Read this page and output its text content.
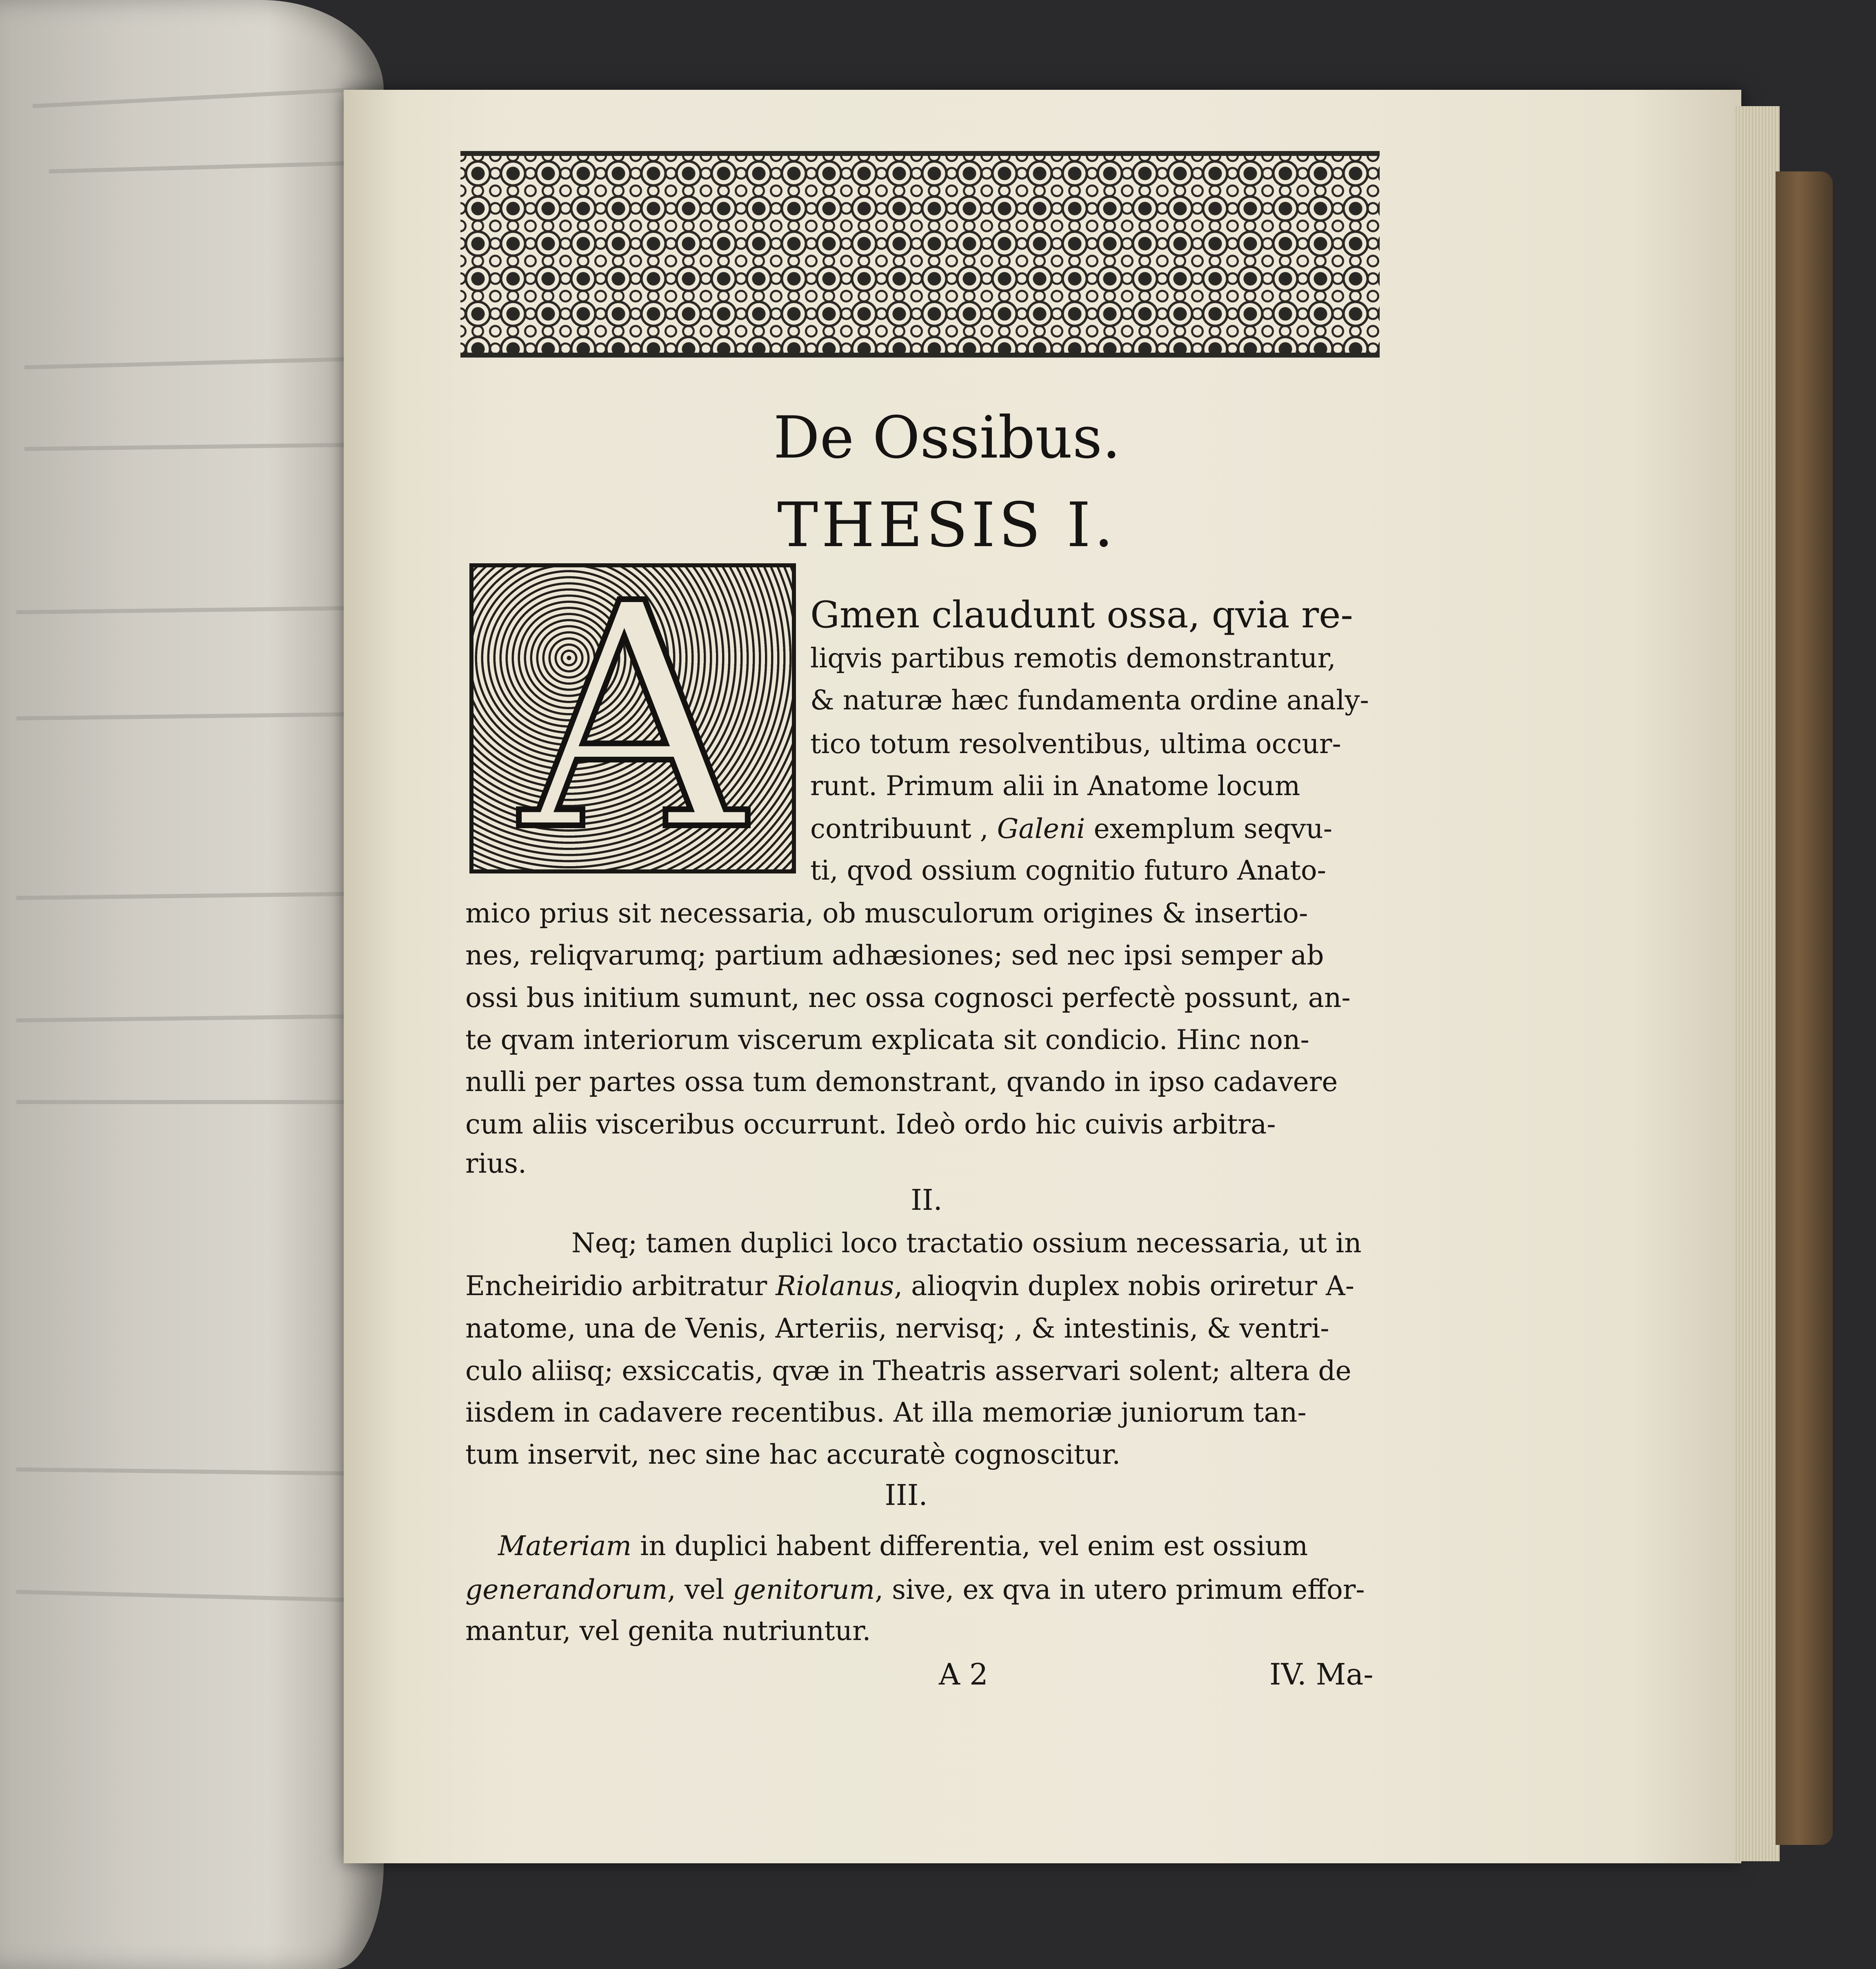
De Ossibus.
THESIS I.
A	Gmen claudunt ossa, qvia re-

liqvis partibus remotis demonstrantur,

& naturæ hæc fundamenta ordine analy-

tico totum resolventibus, ultima occur-

runt. Primum alii in Anatome locum

contribuunt , Galeni exemplum seqvu-

ti, qvod ossium cognitio futuro Anato-

mico prius sit necessaria, ob musculorum origines & insertio-

nes, reliqvarumq; partium adhæsiones; sed nec ipsi semper ab

ossi bus initium sumunt, nec ossa cognosci perfectè possunt, an-

te qvam interiorum viscerum explicata sit condicio. Hinc non-

nulli per partes ossa tum demonstrant, qvando in ipso cadavere

cum aliis visceribus occurrunt. Ideò ordo hic cuivis arbitra-

rius.

II.

Neq; tamen duplici loco tractatio ossium necessaria, ut in

Encheiridio arbitratur Riolanus, alioqvin duplex nobis oriretur A-

natome, una de Venis, Arteriis, nervisq; , & intestinis, & ventri-

culo aliisq; exsiccatis, qvæ in Theatris asservari solent; altera de

iisdem in cadavere recentibus. At illa memoriæ juniorum tan-

tum inservit, nec sine hac accuratè cognoscitur.

III.

Materiam in duplici habent differentia, vel enim est ossium

generandorum, vel genitorum, sive, ex qva in utero primum effor-

mantur, vel genita nutriuntur.

A 2	IV. Ma-
